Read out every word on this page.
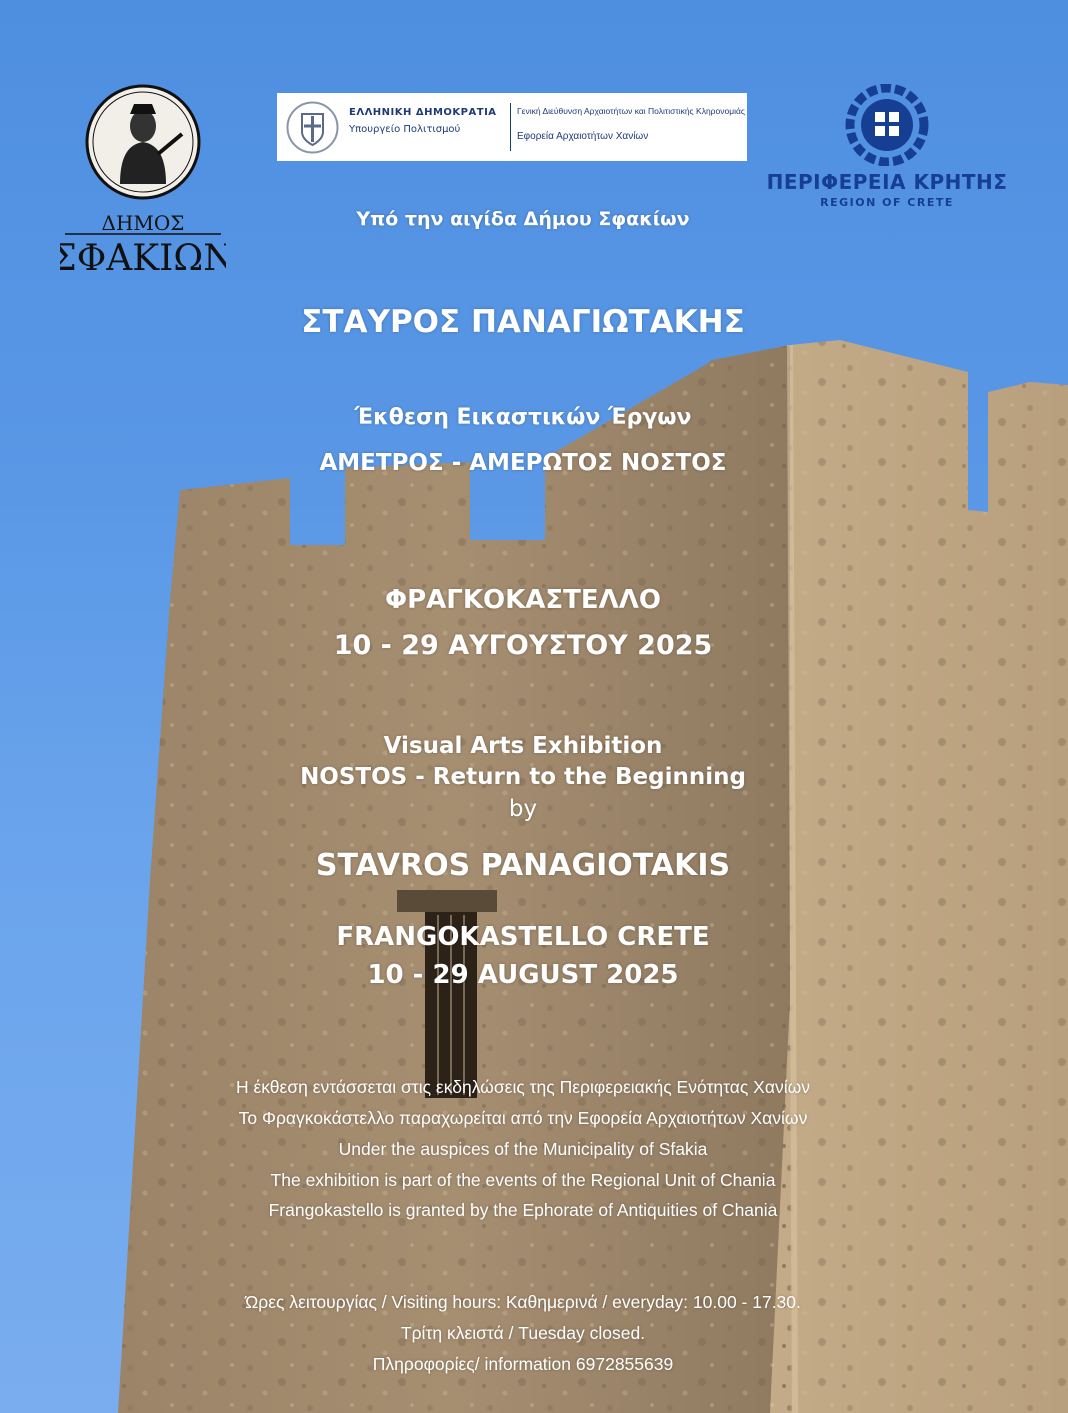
ΔΗΜΟΣ
ΣΦΑΚΙΩΝ
ΕΛΛΗΝΙΚΗ ΔΗΜΟΚΡΑΤΙΑ
Υπουργείο Πολιτισμού
Γενική Διεύθυνση Αρχαιοτήτων και Πολιτιστικής Κληρονομιάς
Εφορεία Αρχαιοτήτων Χανίων
ΠΕΡΙΦΕΡΕΙΑ ΚΡΗΤΗΣ
REGION OF CRETE
Υπό την αιγίδα Δήμου Σφακίων
ΣΤΑΥΡΟΣ ΠΑΝΑΓΙΩΤΑΚΗΣ
Έκθεση Εικαστικών Έργων
ΑΜΕΤΡΟΣ - ΑΜΕΡΩΤΟΣ ΝΟΣΤΟΣ
ΦΡΑΓΚΟΚΑΣΤΕΛΛΟ
10 - 29 ΑΥΓΟΥΣΤΟΥ 2025
Visual Arts Exhibition
NOSTOS - Return to the Beginning
by
STAVROS PANAGIOTAKIS
FRANGOKASTELLO CRETE
10 - 29 AUGUST 2025
Η έκθεση εντάσσεται στις εκδηλώσεις της Περιφερειακής Ενότητας Χανίων
Το Φραγκοκάστελλο παραχωρείται από την Εφορεία Αρχαιοτήτων Χανίων
Under the auspices of the Municipality of Sfakia
The exhibition is part of the events of the Regional Unit of Chania
Frangokastello is granted by the Ephorate of Antiquities of Chania
Ώρες λειτουργίας / Visiting hours: Καθημερινά / everyday: 10.00 - 17.30.
Τρίτη κλειστά / Tuesday closed.
Πληροφορίες/ information 6972855639
